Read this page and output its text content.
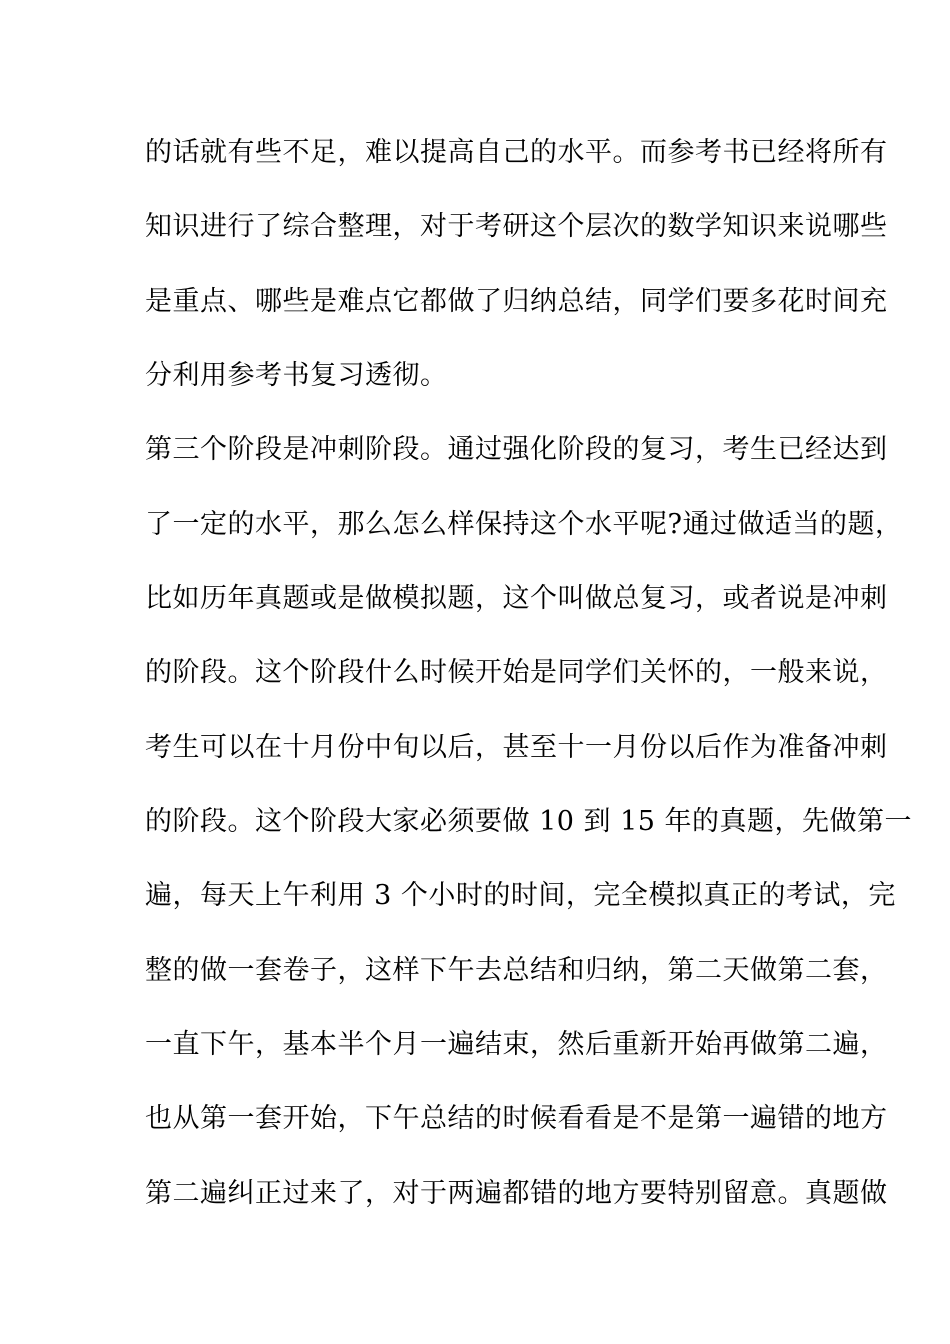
的话就有些不足，难以提高自己的水平。而参考书已经将所有
知识进行了综合整理，对于考研这个层次的数学知识来说哪些
是重点、哪些是难点它都做了归纳总结，同学们要多花时间充
分利用参考书复习透彻。
第三个阶段是冲刺阶段。通过强化阶段的复习，考生已经达到
了一定的水平，那么怎么样保持这个水平呢?通过做适当的题，
比如历年真题或是做模拟题，这个叫做总复习，或者说是冲刺
的阶段。这个阶段什么时候开始是同学们关怀的，一般来说，
考生可以在十月份中旬以后，甚至十一月份以后作为准备冲刺
的阶段。这个阶段大家必须要做 10 到 15 年的真题，先做第一
遍，每天上午利用 3 个小时的时间，完全模拟真正的考试，完
整的做一套卷子，这样下午去总结和归纳，第二天做第二套，
一直下午，基本半个月一遍结束，然后重新开始再做第二遍，
也从第一套开始，下午总结的时候看看是不是第一遍错的地方
第二遍纠正过来了，对于两遍都错的地方要特别留意。真题做
